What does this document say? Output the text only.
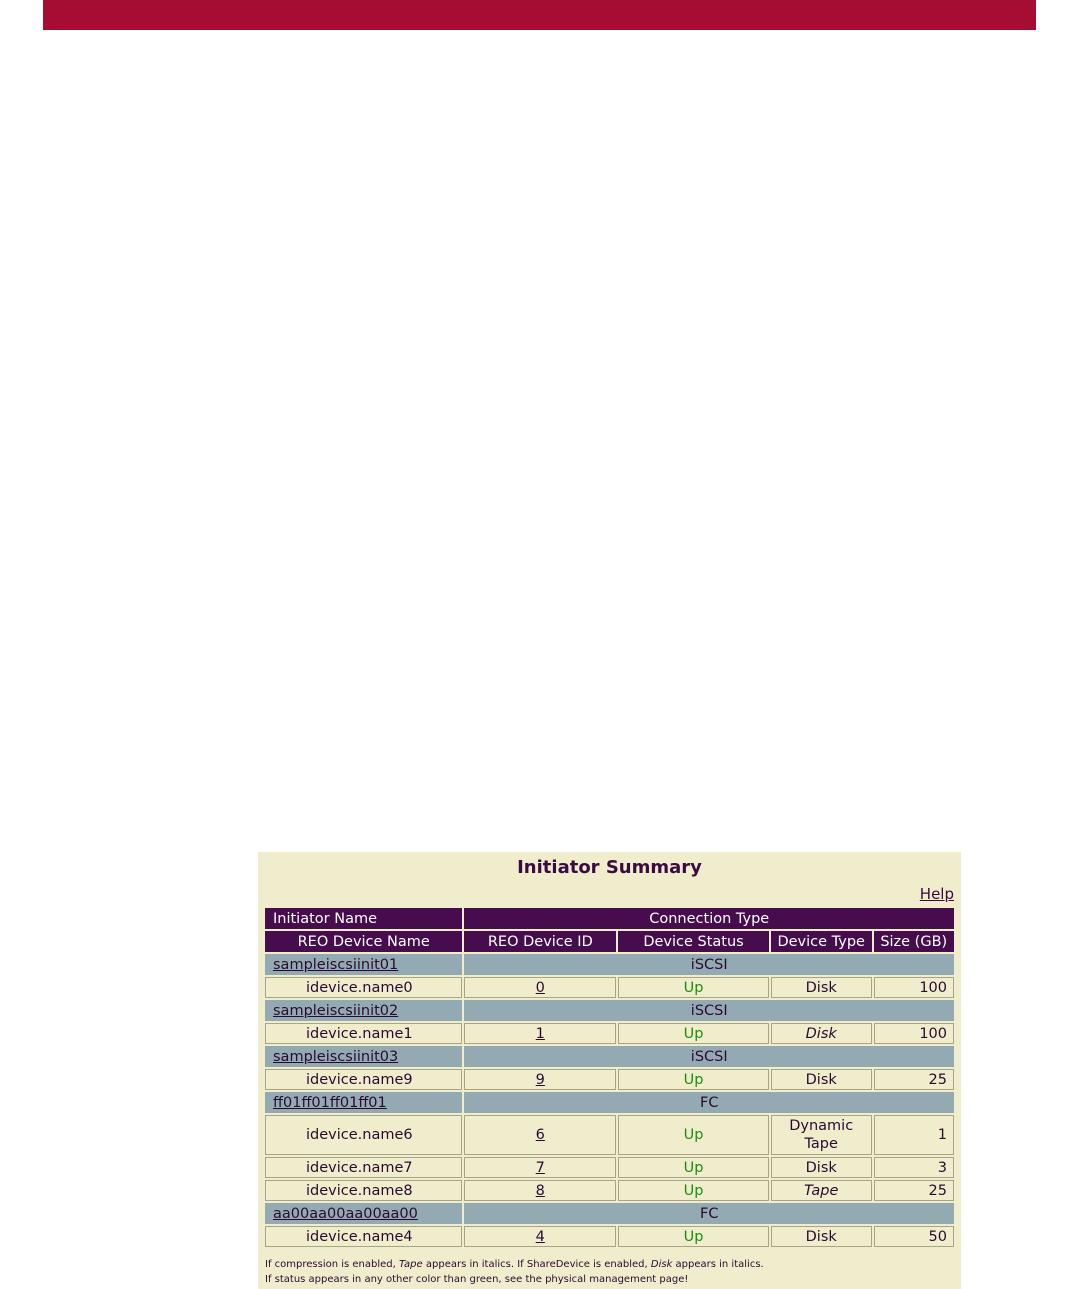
Initiator Summary
Help
Initiator Name	Connection Type			
REO Device Name	REO Device ID	Device Status	Device Type	Size (GB)
sampleiscsiinit01	iSCSI			
idevice.name0	0	Up	Disk	100
sampleiscsiinit02	iSCSI			
idevice.name1	1	Up	Disk	100
sampleiscsiinit03	iSCSI			
idevice.name9	9	Up	Disk	25
ff01ff01ff01ff01	FC			
idevice.name6	6	Up	Dynamic Tape	1
idevice.name7	7	Up	Disk	3
idevice.name8	8	Up	Tape	25
aa00aa00aa00aa00	FC			
idevice.name4	4	Up	Disk	50
If compression is enabled, Tape appears in italics. If ShareDevice is enabled, Disk appears in italics.
If status appears in any other color than green, see the physical management page!
